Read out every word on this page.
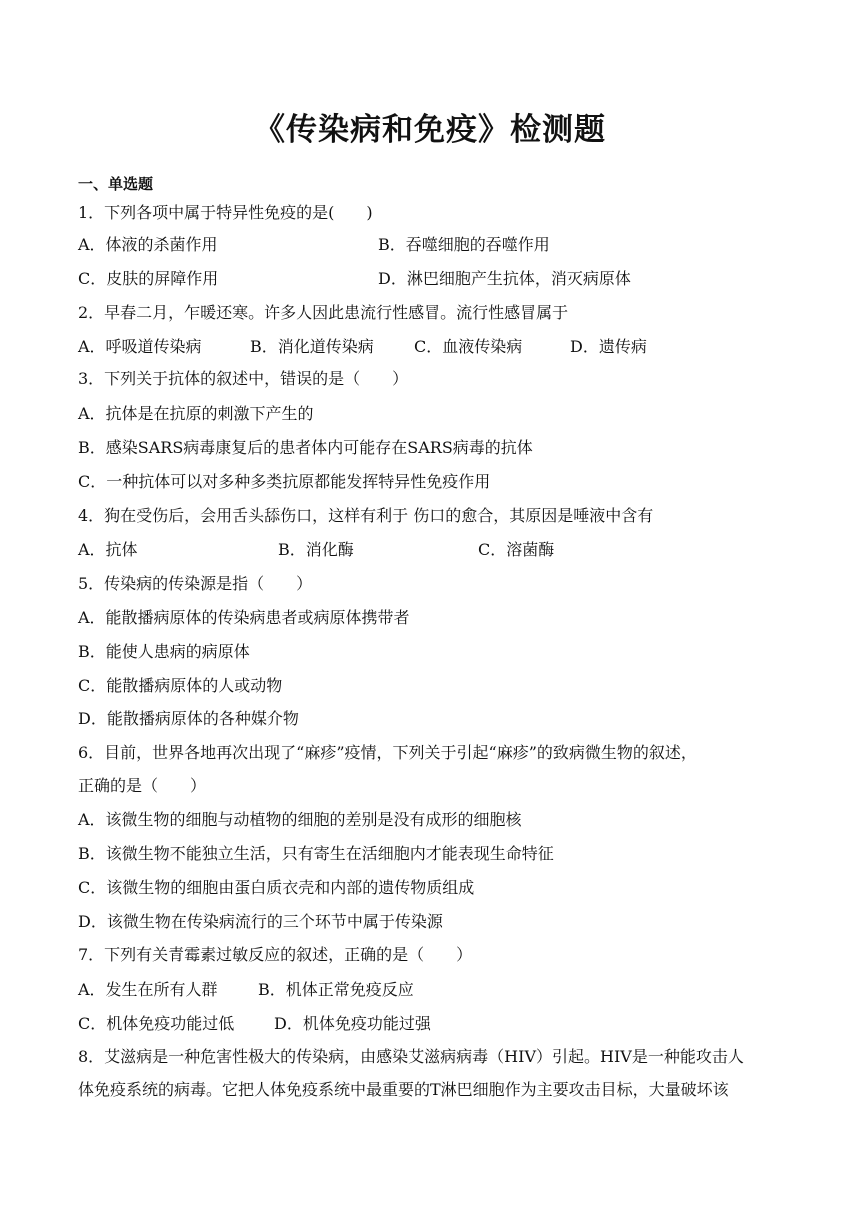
《传染病和免疫》检测题
一、单选题
1．下列各项中属于特异性免疫的是(　　)
A．体液的杀菌作用	B．吞噬细胞的吞噬作用
C．皮肤的屏障作用	D．淋巴细胞产生抗体，消灭病原体
2．早春二月，乍暖还寒。许多人因此患流行性感冒。流行性感冒属于
A．呼吸道传染病	B．消化道传染病	C．血液传染病	D．遗传病
3．下列关于抗体的叙述中，错误的是（　　）
A．抗体是在抗原的刺激下产生的
B．感染SARS病毒康复后的患者体内可能存在SARS病毒的抗体
C．一种抗体可以对多种多类抗原都能发挥特异性免疫作用
4．狗在受伤后，会用舌头舔伤口，这样有利于 伤口的愈合，其原因是唾液中含有
A．抗体	B．消化酶	C．溶菌酶
5．传染病的传染源是指（　　）
A．能散播病原体的传染病患者或病原体携带者
B．能使人患病的病原体
C．能散播病原体的人或动物
D．能散播病原体的各种媒介物
6．目前，世界各地再次出现了“麻疹”疫情，下列关于引起“麻疹”的致病微生物的叙述，
正确的是（　　）
A．该微生物的细胞与动植物的细胞的差别是没有成形的细胞核
B．该微生物不能独立生活，只有寄生在活细胞内才能表现生命特征
C．该微生物的细胞由蛋白质衣壳和内部的遗传物质组成
D．该微生物在传染病流行的三个环节中属于传染源
7．下列有关青霉素过敏反应的叙述，正确的是（　　）
A．发生在所有人群	B．机体正常免疫反应
C．机体免疫功能过低 D．机体免疫功能过强
8．艾滋病是一种危害性极大的传染病，由感染艾滋病病毒（HIV）引起。HIV是一种能攻击人
体免疫系统的病毒。它把人体免疫系统中最重要的T淋巴细胞作为主要攻击目标，大量破坏该
